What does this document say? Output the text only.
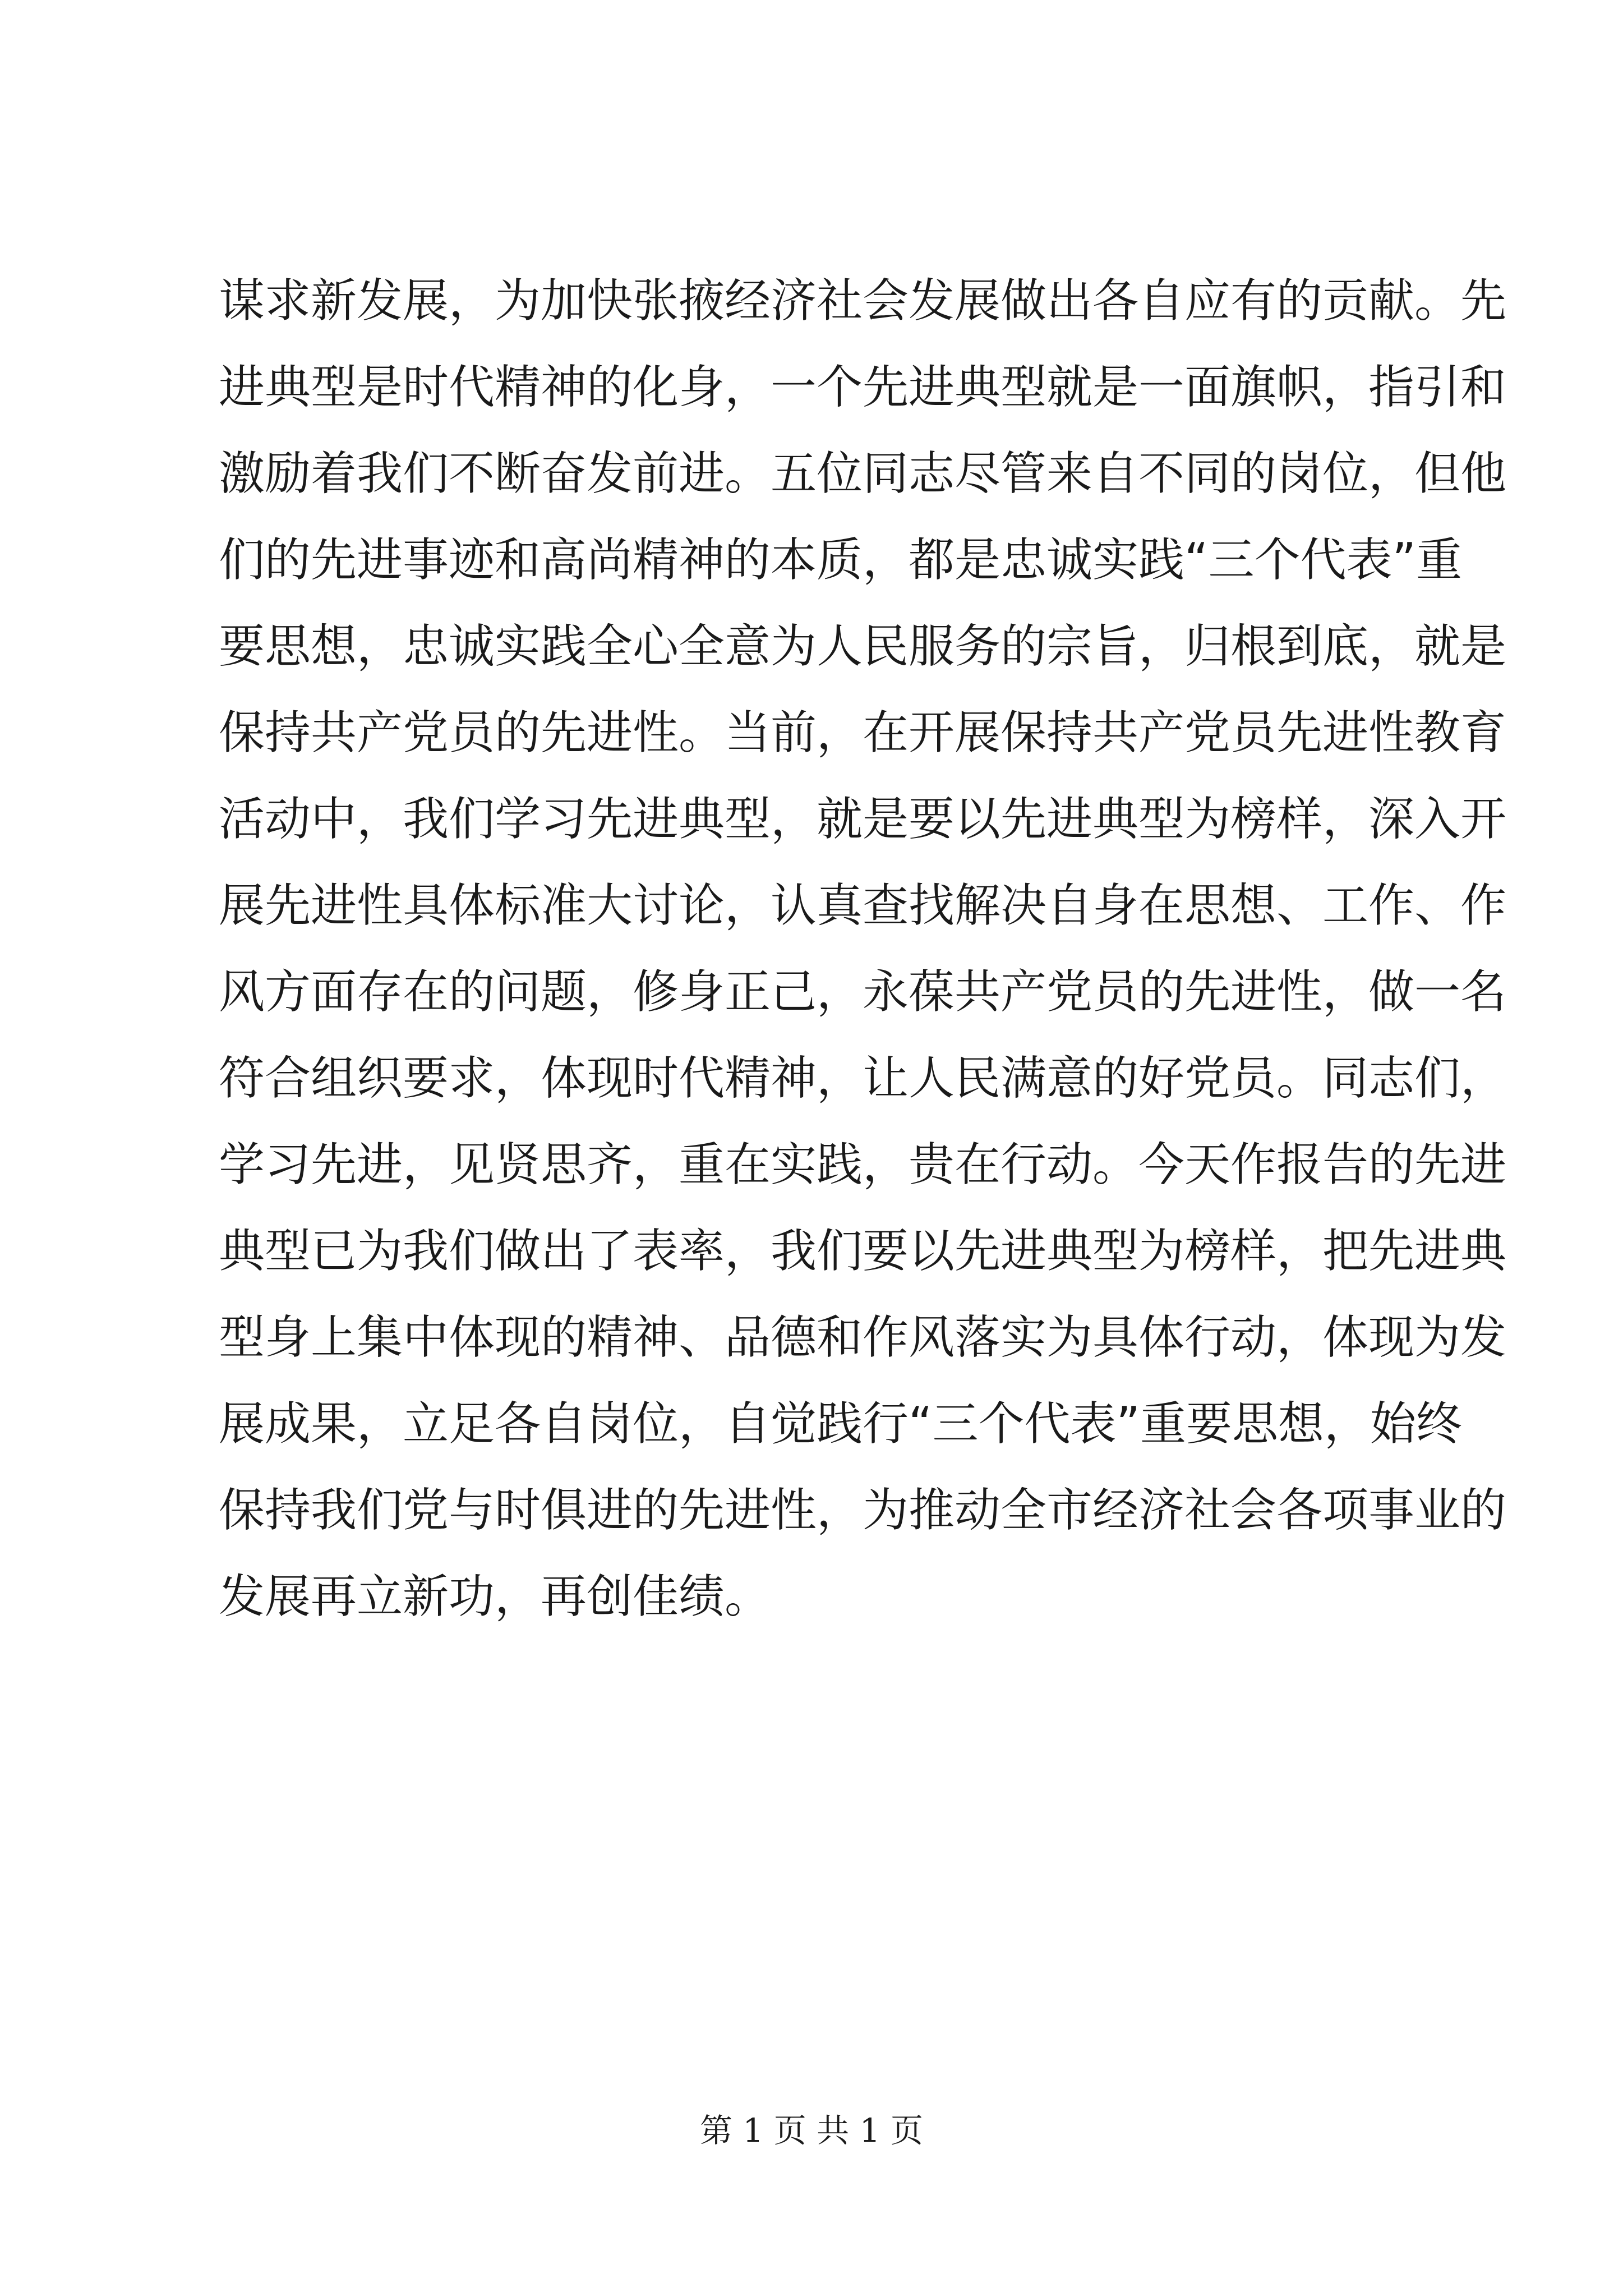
谋求新发展，为加快张掖经济社会发展做出各自应有的贡献。先
进典型是时代精神的化身，一个先进典型就是一面旗帜，指引和
激励着我们不断奋发前进。五位同志尽管来自不同的岗位，但他
们的先进事迹和高尚精神的本质，都是忠诚实践“三个代表”重
要思想，忠诚实践全心全意为人民服务的宗旨，归根到底，就是
保持共产党员的先进性。当前，在开展保持共产党员先进性教育
活动中，我们学习先进典型，就是要以先进典型为榜样，深入开
展先进性具体标准大讨论，认真查找解决自身在思想、工作、作
风方面存在的问题，修身正己，永葆共产党员的先进性，做一名
符合组织要求，体现时代精神，让人民满意的好党员。同志们，
学习先进，见贤思齐，重在实践，贵在行动。今天作报告的先进
典型已为我们做出了表率，我们要以先进典型为榜样，把先进典
型身上集中体现的精神、品德和作风落实为具体行动，体现为发
展成果，立足各自岗位，自觉践行“三个代表”重要思想，始终
保持我们党与时俱进的先进性，为推动全市经济社会各项事业的
发展再立新功，再创佳绩。
第 1 页 共 1 页
